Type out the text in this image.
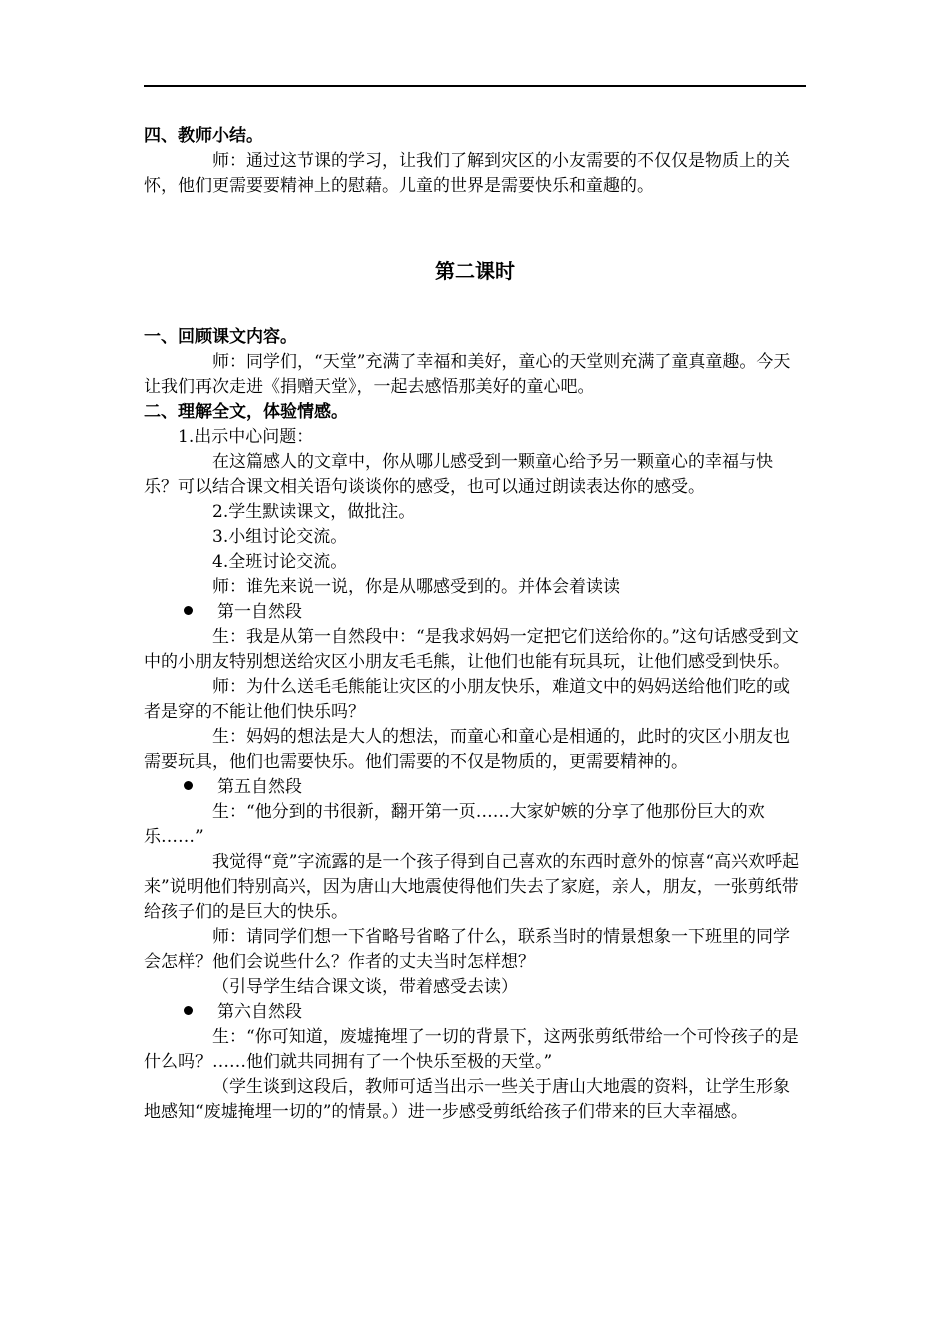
四、教师小结。

师：通过这节课的学习，让我们了解到灾区的小友需要的不仅仅是物质上的关怀，他们更需要要精神上的慰藉。儿童的世界是需要快乐和童趣的。

第二课时

一、回顾课文内容。

师：同学们，“天堂”充满了幸福和美好，童心的天堂则充满了童真童趣。今天让我们再次走进《捐赠天堂》，一起去感悟那美好的童心吧。

二、理解全文，体验情感。

1.出示中心问题：

在这篇感人的文章中，你从哪儿感受到一颗童心给予另一颗童心的幸福与快乐？可以结合课文相关语句谈谈你的感受，也可以通过朗读表达你的感受。

2.学生默读课文，做批注。

3.小组讨论交流。

4.全班讨论交流。

师：谁先来说一说，你是从哪感受到的。并体会着读读

第一自然段

生：我是从第一自然段中：“是我求妈妈一定把它们送给你的。”这句话感受到文中的小朋友特别想送给灾区小朋友毛毛熊，让他们也能有玩具玩，让他们感受到快乐。

师：为什么送毛毛熊能让灾区的小朋友快乐，难道文中的妈妈送给他们吃的或者是穿的不能让他们快乐吗？

生：妈妈的想法是大人的想法，而童心和童心是相通的，此时的灾区小朋友也需要玩具，他们也需要快乐。他们需要的不仅是物质的，更需要精神的。

第五自然段

生：“他分到的书很新，翻开第一页……大家妒嫉的分享了他那份巨大的欢乐……”

我觉得“竟”字流露的是一个孩子得到自己喜欢的东西时意外的惊喜“高兴欢呼起来”说明他们特别高兴，因为唐山大地震使得他们失去了家庭，亲人，朋友，一张剪纸带给孩子们的是巨大的快乐。

师：请同学们想一下省略号省略了什么，联系当时的情景想象一下班里的同学会怎样？他们会说些什么？作者的丈夫当时怎样想？

（引导学生结合课文谈，带着感受去读）

第六自然段

生：“你可知道，废墟掩埋了一切的背景下，这两张剪纸带给一个可怜孩子的是什么吗？……他们就共同拥有了一个快乐至极的天堂。”

（学生谈到这段后，教师可适当出示一些关于唐山大地震的资料，让学生形象地感知“废墟掩埋一切的”的情景。）进一步感受剪纸给孩子们带来的巨大幸福感。
